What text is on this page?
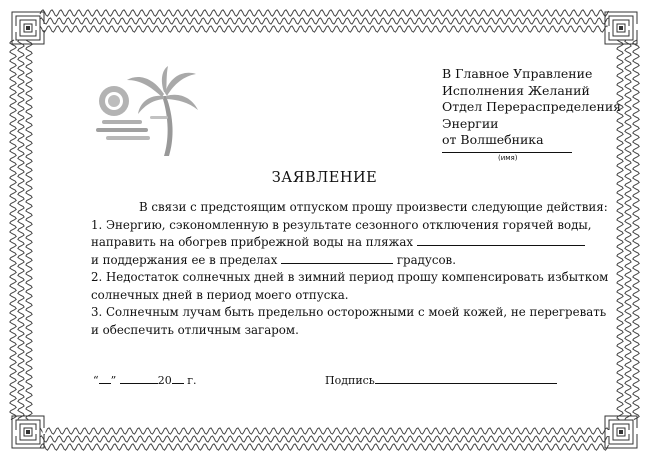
В Главное Управление
Исполнения Желаний
Отдел Перераспределения
Энергии
от Волшебника
(имя)
ЗАЯВЛЕНИЕ
В связи с предстоящим отпуском прошу произвести следующие действия:
1. Энергию, сэкономленную в результате сезонного отключения горячей воды,
направить на обогрев прибрежной воды на пляжах
и поддержания ее в пределах	градусов.
2. Недостаток солнечных дней в зимний период прошу компенсировать избытком
солнечных дней в период моего отпуска.
3. Солнечным лучам быть предельно осторожными с моей кожей, не перегревать
и обеспечить отличным загаром.
“ ”	20 г.	Подпись
